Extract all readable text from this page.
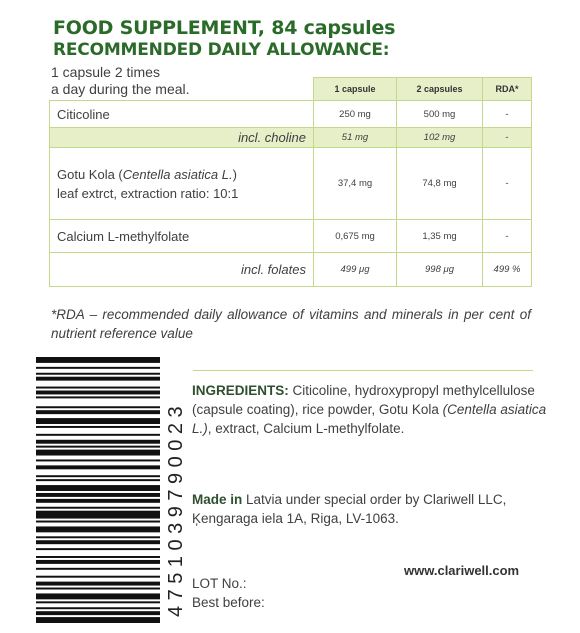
FOOD SUPPLEMENT, 84 capsules
RECOMMENDED DAILY ALLOWANCE:
1 capsule 2 times
a day during the meal.
		1 capsule	2 capsules	RDA*
Citicoline	250 mg	500 mg	-
incl. choline	51 mg	102 mg	-

Gotu Kola (Centella asiatica L.)
leaf extrct, extraction ratio: 10:1	37,4 mg	74,8 mg	-
Calcium L-methylfolate	0,675 mg	1,35 mg	-
incl. folates	499 μg	998 μg	499 %
*RDA – recommended daily allowance of vitamins and minerals in per cent of nutrient reference value
4751039790023
INGREDIENTS: Citicoline, hydroxypropyl methylcellulose (capsule coating), rice powder, Gotu Kola (Centella asiatica L.), extract, Calcium L-methylfolate.
Made in Latvia under special order by Clariwell LLC, Ķengaraga iela 1A, Riga, LV-1063.
www.clariwell.com
LOT No.:
Best before:
